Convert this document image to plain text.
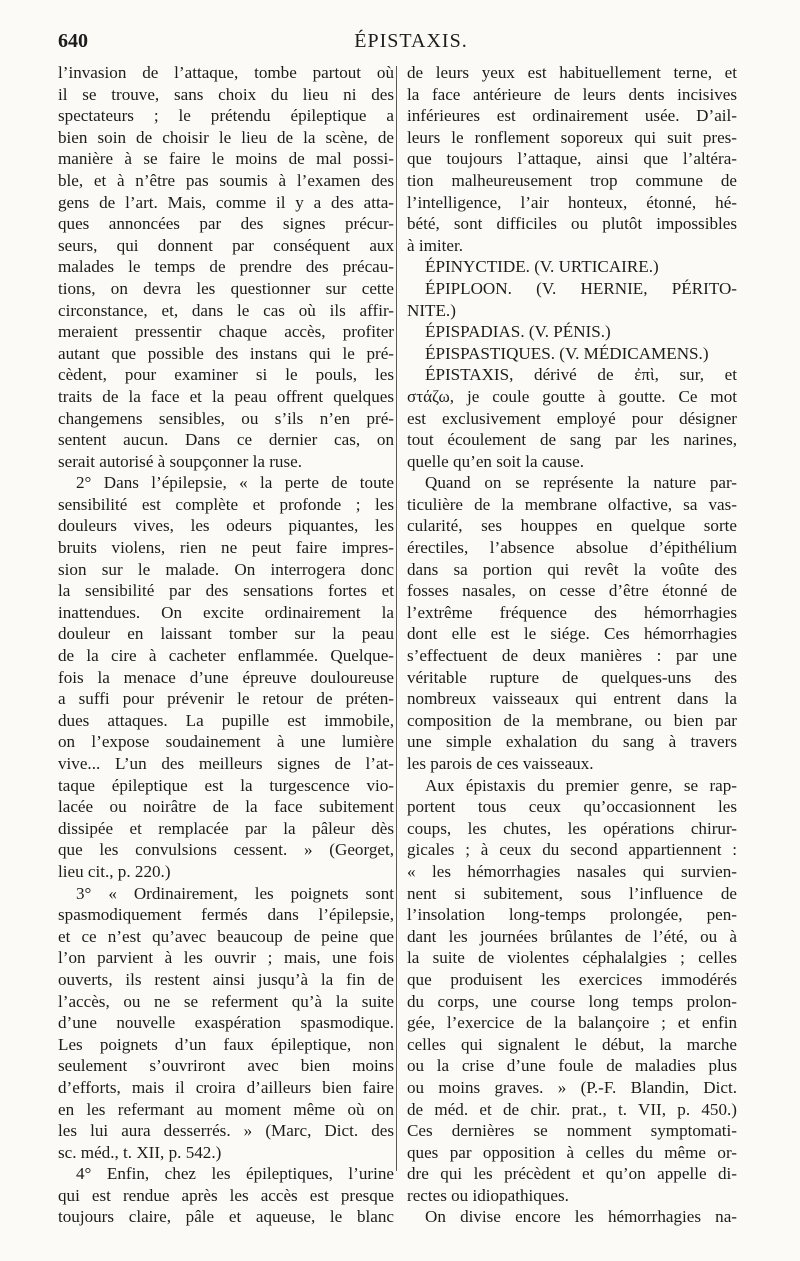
640	ÉPISTAXIS.
l’invasion de l’attaque, tombe partout où
il se trouve, sans choix du lieu ni des
spectateurs ; le prétendu épileptique a
bien soin de choisir le lieu de la scène, de
manière à se faire le moins de mal possi-
ble, et à n’être pas soumis à l’examen des
gens de l’art. Mais, comme il y a des atta-
ques annoncées par des signes précur-
seurs, qui donnent par conséquent aux
malades le temps de prendre des précau-
tions, on devra les questionner sur cette
circonstance, et, dans le cas où ils affir-
meraient pressentir chaque accès, profiter
autant que possible des instans qui le pré-
cèdent, pour examiner si le pouls, les
traits de la face et la peau offrent quelques
changemens sensibles, ou s’ils n’en pré-
sentent aucun. Dans ce dernier cas, on
serait autorisé à soupçonner la ruse.
2° Dans l’épilepsie, « la perte de toute
sensibilité est complète et profonde ; les
douleurs vives, les odeurs piquantes, les
bruits violens, rien ne peut faire impres-
sion sur le malade. On interrogera donc
la sensibilité par des sensations fortes et
inattendues. On excite ordinairement la
douleur en laissant tomber sur la peau
de la cire à cacheter enflammée. Quelque-
fois la menace d’une épreuve douloureuse
a suffi pour prévenir le retour de préten-
dues attaques. La pupille est immobile,
on l’expose soudainement à une lumière
vive... L’un des meilleurs signes de l’at-
taque épileptique est la turgescence vio-
lacée ou noirâtre de la face subitement
dissipée et remplacée par la pâleur dès
que les convulsions cessent. » (Georget,
lieu cit., p. 220.)
3° « Ordinairement, les poignets sont
spasmodiquement fermés dans l’épilepsie,
et ce n’est qu’avec beaucoup de peine que
l’on parvient à les ouvrir ; mais, une fois
ouverts, ils restent ainsi jusqu’à la fin de
l’accès, ou ne se referment qu’à la suite
d’une nouvelle exaspération spasmodique.
Les poignets d’un faux épileptique, non
seulement s’ouvriront avec bien moins
d’efforts, mais il croira d’ailleurs bien faire
en les refermant au moment même où on
les lui aura desserrés. » (Marc, Dict. des
sc. méd., t. XII, p. 542.)
4° Enfin, chez les épileptiques, l’urine
qui est rendue après les accès est presque
toujours claire, pâle et aqueuse, le blanc
de leurs yeux est habituellement terne, et
la face antérieure de leurs dents incisives
inférieures est ordinairement usée. D’ail-
leurs le ronflement soporeux qui suit pres-
que toujours l’attaque, ainsi que l’altéra-
tion malheureusement trop commune de
l’intelligence, l’air honteux, étonné, hé-
bété, sont difficiles ou plutôt impossibles
à imiter.
ÉPINYCTIDE. (V. URTICAIRE.)
ÉPIPLOON. (V. HERNIE, PÉRITO-
NITE.)
ÉPISPADIAS. (V. PÉNIS.)
ÉPISPASTIQUES. (V. MÉDICAMENS.)
ÉPISTAXIS, dérivé de ἐπὶ, sur, et
στάζω, je coule goutte à goutte. Ce mot
est exclusivement employé pour désigner
tout écoulement de sang par les narines,
quelle qu’en soit la cause.
Quand on se représente la nature par-
ticulière de la membrane olfactive, sa vas-
cularité, ses houppes en quelque sorte
érectiles, l’absence absolue d’épithélium
dans sa portion qui revêt la voûte des
fosses nasales, on cesse d’être étonné de
l’extrême fréquence des hémorrhagies
dont elle est le siége. Ces hémorrhagies
s’effectuent de deux manières : par une
véritable rupture de quelques-uns des
nombreux vaisseaux qui entrent dans la
composition de la membrane, ou bien par
une simple exhalation du sang à travers
les parois de ces vaisseaux.
Aux épistaxis du premier genre, se rap-
portent tous ceux qu’occasionnent les
coups, les chutes, les opérations chirur-
gicales ; à ceux du second appartiennent :
« les hémorrhagies nasales qui survien-
nent si subitement, sous l’influence de
l’insolation long-temps prolongée, pen-
dant les journées brûlantes de l’été, ou à
la suite de violentes céphalalgies ; celles
que produisent les exercices immodérés
du corps, une course long temps prolon-
gée, l’exercice de la balançoire ; et enfin
celles qui signalent le début, la marche
ou la crise d’une foule de maladies plus
ou moins graves. » (P.-F. Blandin, Dict.
de méd. et de chir. prat., t. VII, p. 450.)
Ces dernières se nomment symptomati-
ques par opposition à celles du même or-
dre qui les précèdent et qu’on appelle di-
rectes ou idiopathiques.
On divise encore les hémorrhagies na-
